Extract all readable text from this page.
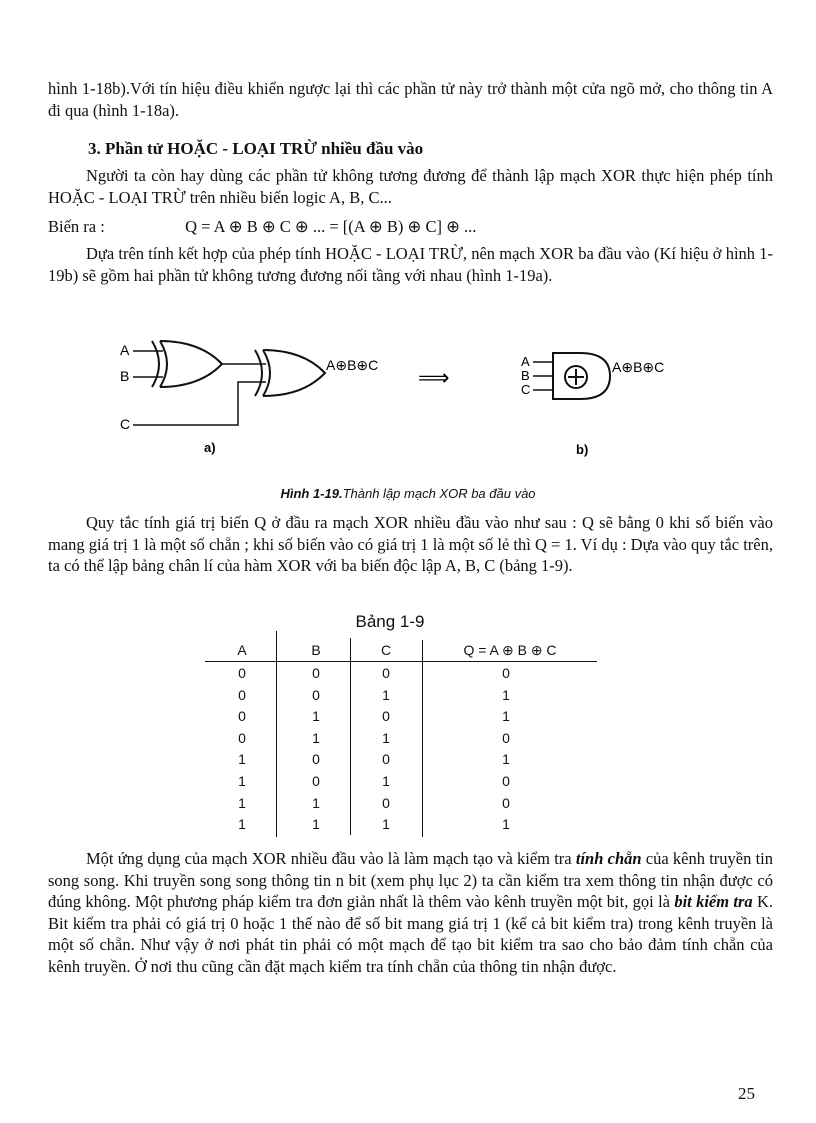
hình 1-18b).Với tín hiệu điều khiển ngược lại thì các phần tử này trở thành một cửa ngõ mở, cho thông tin A đi qua (hình 1-18a).

3. Phần tử HOẶC - LOẠI TRỪ nhiều đầu vào

Người ta còn hay dùng các phần tử không tương đương để thành lập mạch XOR thực hiện phép tính HOẶC - LOẠI TRỪ trên nhiều biến logic A, B, C...

Biến ra :	Q = A ⊕ B ⊕ C ⊕ ... = [(A ⊕ B) ⊕ C] ⊕ ...

Dựa trên tính kết hợp của phép tính HOẶC - LOẠI TRỪ, nên mạch XOR ba đầu vào (Kí hiệu ở hình 1-19b) sẽ gồm hai phần tử không tương đương nối tầng với nhau (hình 1-19a).

A
B
C
A⊕B⊕C ⟹
A
B
C
A⊕B⊕C
a)	b)
Hình 1-19.Thành lập mạch XOR ba đầu vào

Quy tắc tính giá trị biến Q ở đầu ra mạch XOR nhiều đầu vào như sau : Q sẽ bằng 0 khi số biến vào mang giá trị 1 là một số chẵn ; khi số biến vào có giá trị 1 là một số lẻ thì Q = 1. Ví dụ : Dựa vào quy tắc trên, ta có thể lập bảng chân lí của hàm XOR với ba biến độc lập A, B, C (bảng 1-9).

Bảng 1-9
A	B	C	Q = A ⊕ B ⊕ C
0	0	0	0
0	0	1	1
0	1	0	1
0	1	1	0
1	0	0	1
1	0	1	0
1	1	0	0
1	1	1	1

Một ứng dụng của mạch XOR nhiều đầu vào là làm mạch tạo và kiểm tra tính chẵn của kênh truyền tin song song. Khi truyền song song thông tin n bit (xem phụ lục 2) ta cần kiểm tra xem thông tin nhận được có đúng không. Một phương pháp kiểm tra đơn giản nhất là thêm vào kênh truyền một bit, gọi là bit kiểm tra K. Bit kiểm tra phải có giá trị 0 hoặc 1 thế nào để số bit mang giá trị 1 (kể cả bit kiểm tra) trong kênh truyền là một số chẵn. Như vậy ở nơi phát tin phải có một mạch để tạo bit kiểm tra sao cho bảo đảm tính chẵn của kênh truyền. Ở nơi thu cũng cần đặt mạch kiểm tra tính chẵn của thông tin nhận được.

25
